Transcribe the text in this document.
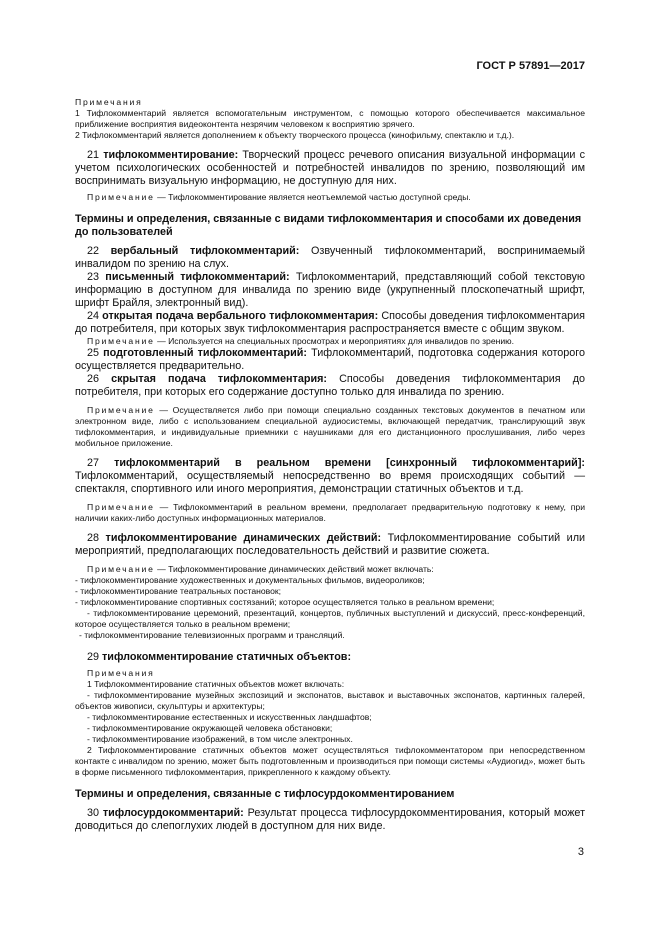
ГОСТ Р 57891—2017

Примечания

1 Тифлокомментарий является вспомогательным инструментом, с помощью которого обеспечивается максимальное приближение восприятия видеоконтента незрячим человеком к восприятию зрячего.

2 Тифлокомментарий является дополнением к объекту творческого процесса (кинофильму, спектаклю и т.д.).

21 тифлокомментирование: Творческий процесс речевого описания визуальной информации с учетом психологических особенностей и потребностей инвалидов по зрению, позволяющий им воспринимать визуальную информацию, не доступную для них.

Примечание — Тифлокомментирование является неотъемлемой частью доступной среды.

Термины и определения, связанные с видами тифлокомментария и способами их доведения до пользователей

22 вербальный тифлокомментарий: Озвученный тифлокомментарий, воспринимаемый инвалидом по зрению на слух.

23 письменный тифлокомментарий: Тифлокомментарий, представляющий собой текстовую информацию в доступном для инвалида по зрению виде (укрупненный плоскопечатный шрифт, шрифт Брайля, электронный вид).

24 открытая подача вербального тифлокомментария: Способы доведения тифлокомментария до потребителя, при которых звук тифлокомментария распространяется вместе с общим звуком.

Примечание — Используется на специальных просмотрах и мероприятиях для инвалидов по зрению.

25 подготовленный тифлокомментарий: Тифлокомментарий, подготовка содержания которого осуществляется предварительно.

26 скрытая подача тифлокомментария: Способы доведения тифлокомментария до потребителя, при которых его содержание доступно только для инвалида по зрению.

Примечание — Осуществляется либо при помощи специально созданных текстовых документов в печатном или электронном виде, либо с использованием специальной аудиосистемы, включающей передатчик, транслирующий звук тифлокомментария, и индивидуальные приемники с наушниками для его дистанционного прослушивания, либо через мобильное приложение.

27 тифлокомментарий в реальном времени [синхронный тифлокомментарий]: Тифлокомментарий, осуществляемый непосредственно во время происходящих событий — спектакля, спортивного или иного мероприятия, демонстрации статичных объектов и т.д.

Примечание — Тифлокомментарий в реальном времени, предполагает предварительную подготовку к нему, при наличии каких-либо доступных информационных материалов.

28 тифлокомментирование динамических действий: Тифлокомментирование событий или мероприятий, предполагающих последовательность действий и развитие сюжета.

Примечание — Тифлокомментирование динамических действий может включать:

- тифлокомментирование художественных и документальных фильмов, видеороликов;

- тифлокомментирование театральных постановок;

- тифлокомментирование спортивных состязаний; которое осуществляется только в реальном времени;

- тифлокомментирование церемоний, презентаций, концертов, публичных выступлений и дискуссий, пресс-конференций, которое осуществляется только в реальном времени;

- тифлокомментирование телевизионных программ и трансляций.

29 тифлокомментирование статичных объектов:

Примечания

1 Тифлокомментирование статичных объектов может включать:

- тифлокомментирование музейных экспозиций и экспонатов, выставок и выставочных экспонатов, картинных галерей, объектов живописи, скульптуры и архитектуры;

- тифлокомментирование естественных и искусственных ландшафтов;

- тифлокомментирование окружающей человека обстановки;

- тифлокомментирование изображений, в том числе электронных.

2 Тифлокомментирование статичных объектов может осуществляться тифлокомментатором при непосредственном контакте с инвалидом по зрению, может быть подготовленным и производиться при помощи системы «Аудиогид», может быть в форме письменного тифлокомментария, прикрепленного к каждому объекту.

Термины и определения, связанные с тифлосурдокомментированием

30 тифлосурдокомментарий: Результат процесса тифлосурдокомментирования, который может доводиться до слепоглухих людей в доступном для них виде.

3
